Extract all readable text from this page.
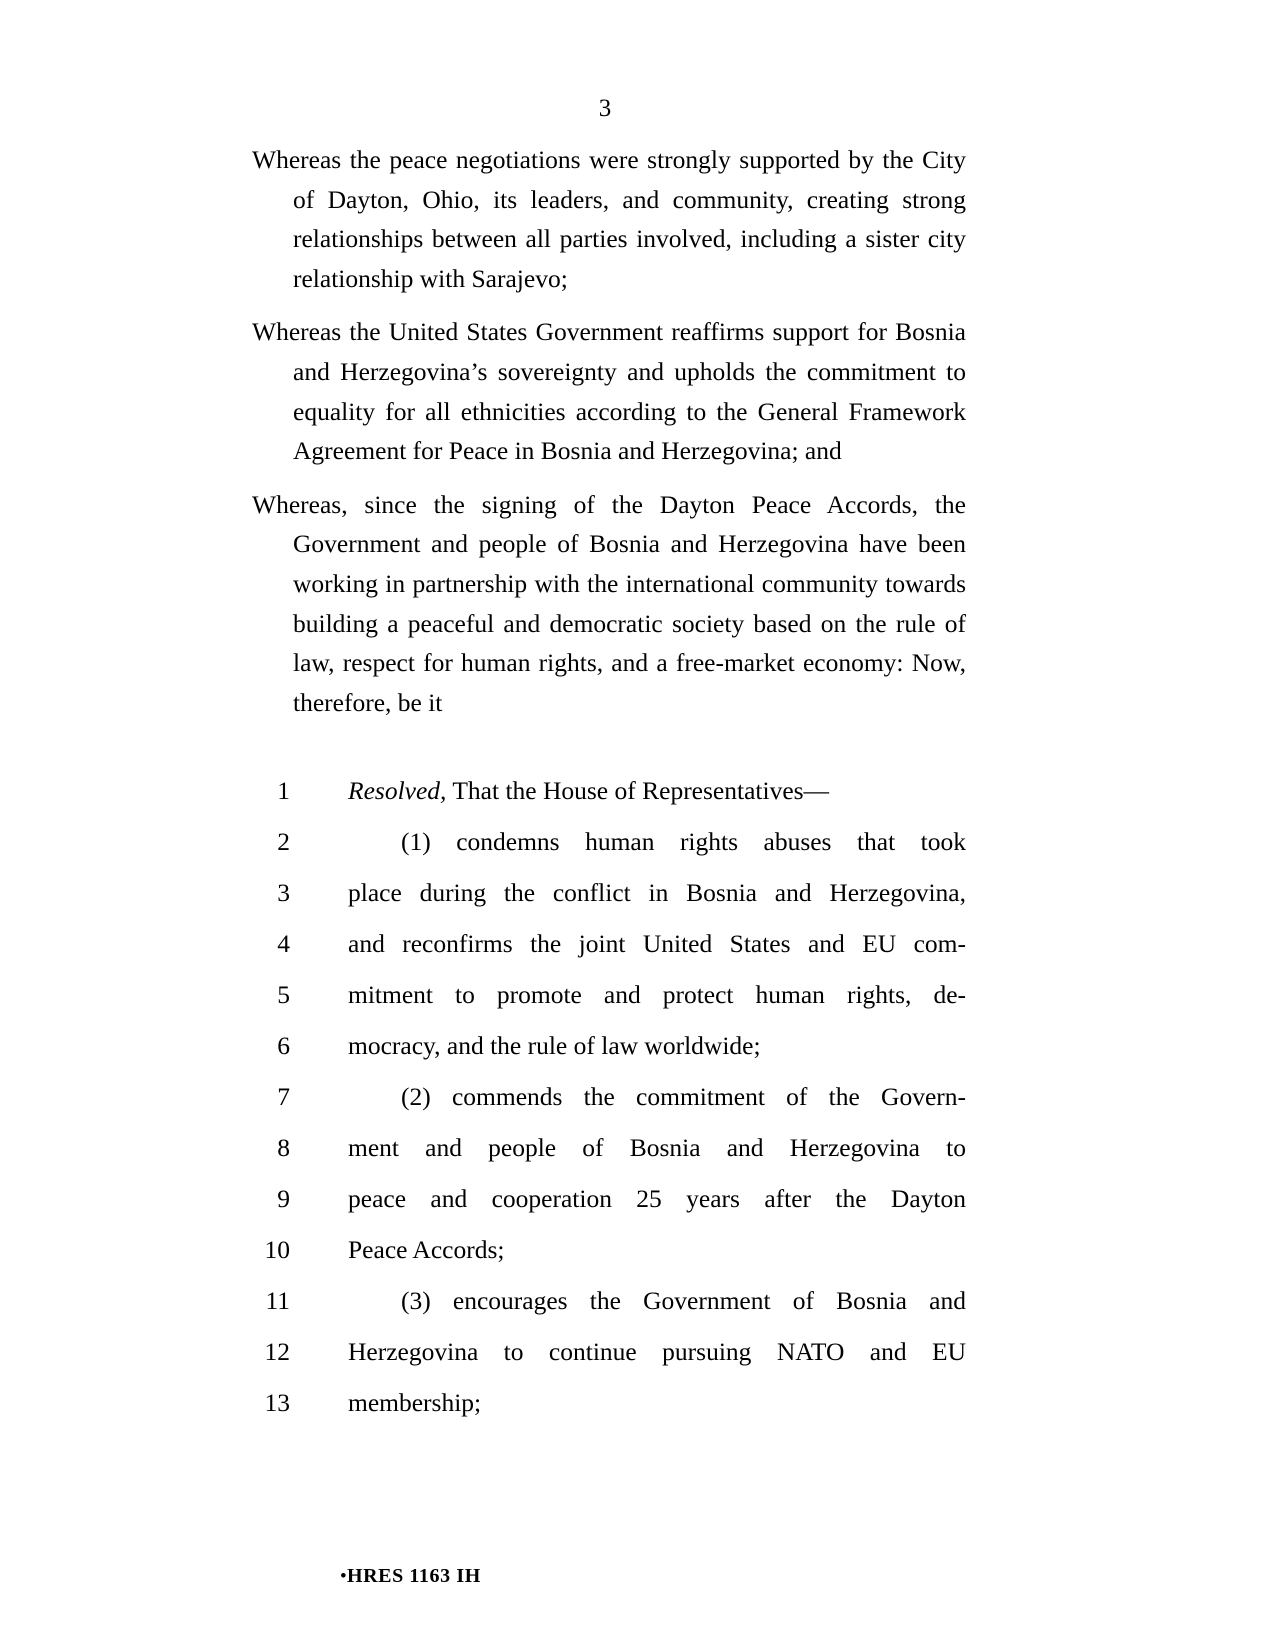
3

Whereas the peace negotiations were strongly supported by the City of Dayton, Ohio, its leaders, and community, creating strong relationships between all parties involved, including a sister city relationship with Sarajevo;

Whereas the United States Government reaffirms support for Bosnia and Herzegovina’s sovereignty and upholds the commitment to equality for all ethnicities according to the General Framework Agreement for Peace in Bosnia and Herzegovina; and

Whereas, since the signing of the Dayton Peace Accords, the Government and people of Bosnia and Herzegovina have been working in partnership with the international community towards building a peaceful and democratic society based on the rule of law, respect for human rights, and a free-market economy: Now, therefore, be it

1 Resolved, That the House of Representatives—
2	(1) condemns human rights abuses that took
3 place during the conflict in Bosnia and Herzegovina,
4 and reconfirms the joint United States and EU com-
5 mitment to promote and protect human rights, de-
6 mocracy, and the rule of law worldwide;
7	(2) commends the commitment of the Govern-
8 ment and people of Bosnia and Herzegovina to
9 peace and cooperation 25 years after the Dayton
10 Peace Accords;
11	(3) encourages the Government of Bosnia and
12 Herzegovina to continue pursuing NATO and EU
13 membership;

•HRES 1163 IH
